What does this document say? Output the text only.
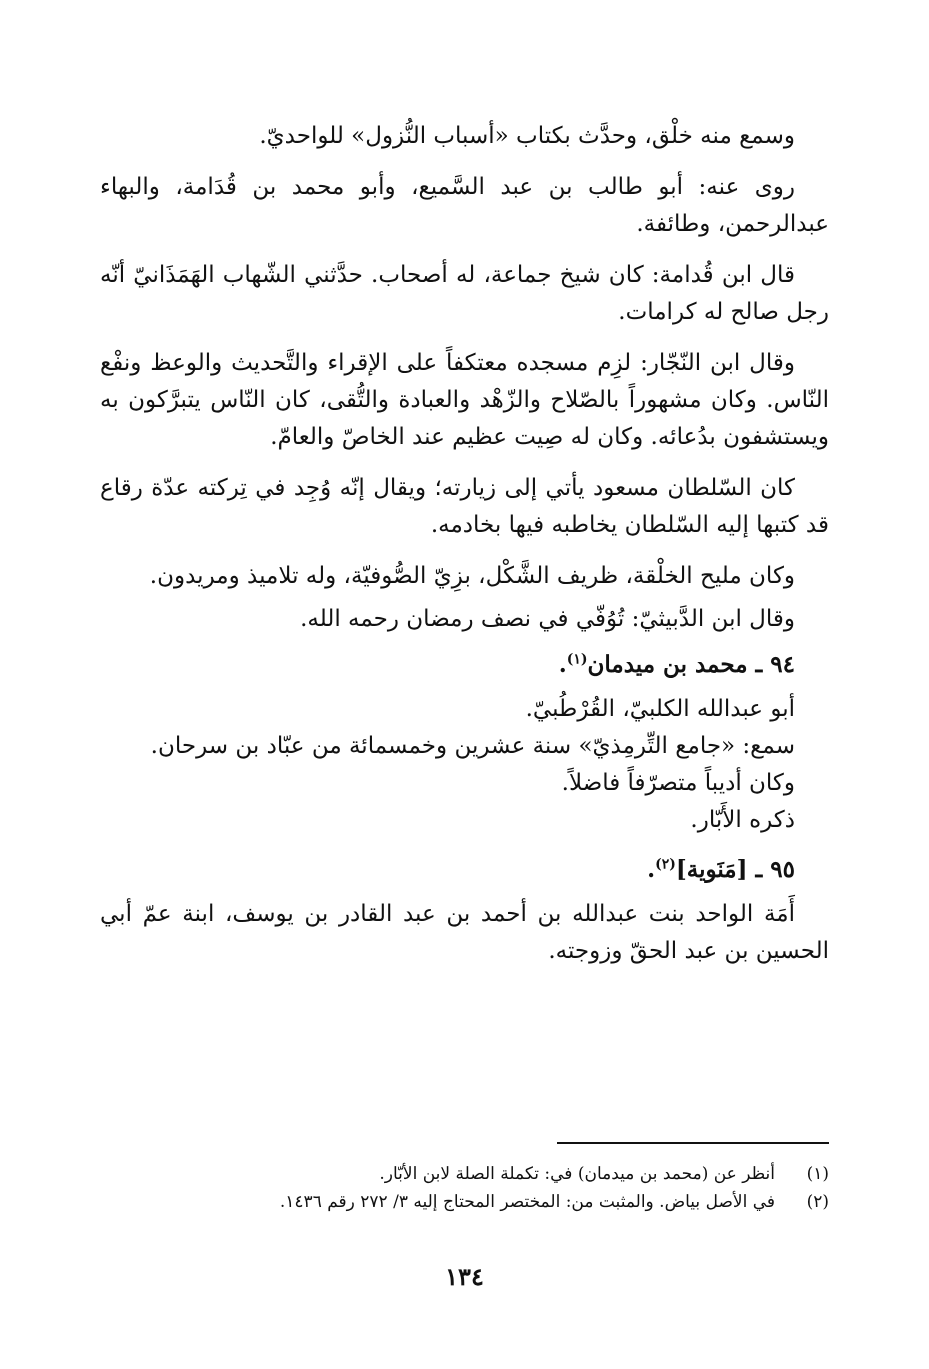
وسمع منه خلْق، وحدَّث بكتاب «أسباب النُّزول» للواحديّ.

روى عنه: أبو طالب بن عبد السَّميع، وأبو محمد بن قُدَامة، والبهاء عبدالرحمن، وطائفة.

قال ابن قُدامة: كان شيخ جماعة، له أصحاب. حدَّثني الشّهاب الهَمَذَانيّ أنّه رجل صالح له كرامات.

وقال ابن النّجّار: لزِم مسجده معتكفاً على الإقراء والتَّحديث والوعظ ونفْع النّاس. وكان مشهوراً بالصّلاح والزّهْد والعبادة والتُّقى، كان النّاس يتبرَّكون به ويستشفون بدُعائه. وكان له صِيت عظيم عند الخاصّ والعامّ.

كان السّلطان مسعود يأتي إلى زيارته؛ ويقال إنّه وُجِد في تِركته عدّة رقاع قد كتبها إليه السّلطان يخاطبه فيها بخادمه.

وكان مليح الخلْقة، ظريف الشَّكْل، بزِيّ الصُّوفيّة، وله تلاميذ ومريدون.

وقال ابن الدَّبيثيّ: تُوُفّي في نصف رمضان رحمه الله.

٩٤ ـ محمد بن ميدمان$^{(١)}$.

أبو عبدالله الكلبيّ، القُرْطُبيّ.

سمع: «جامع التِّرمِذيّ» سنة عشرين وخمسمائة من عبّاد بن سرحان.

وكان أديباً متصرّفاً فاضلاً.

ذكره الأَبّار.

٩٥ ـ [مَنَوية]$^{(٢)}$.

أَمَة الواحد بنت عبدالله بن أحمد بن عبد القادر بن يوسف، ابنة عمّ أبي الحسين بن عبد الحقّ وزوجته.

(١)
أنظر عن (محمد بن ميدمان) في: تكملة الصلة لابن الأبّار.

(٢)
في الأصل بياض. والمثبت من: المختصر المحتاج إليه ٣/ ٢٧٢ رقم ١٤٣٦.

١٣٤
